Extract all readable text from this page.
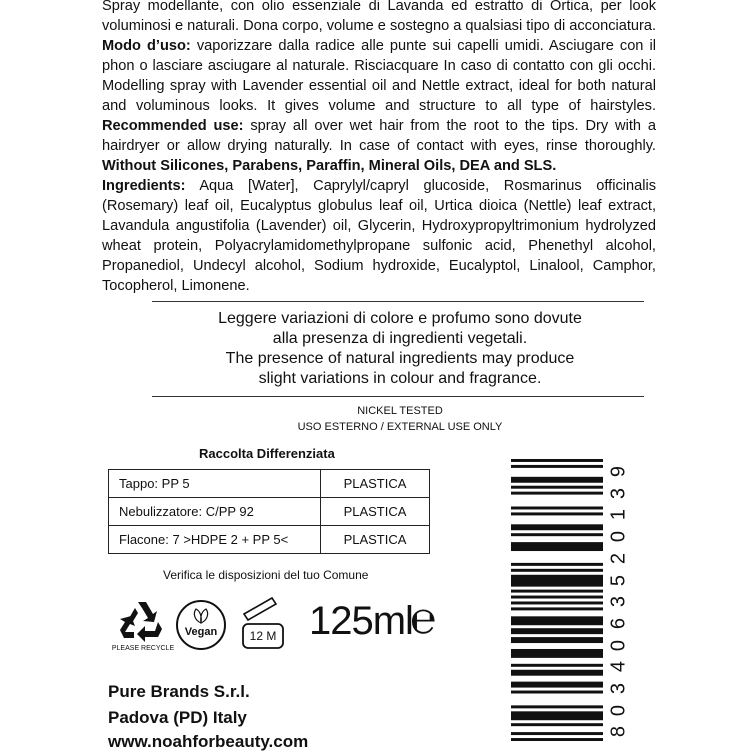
Spray modellante, con olio essenziale di Lavanda ed estratto di Ortica, per look
voluminosi e naturali. Dona corpo, volume e sostegno a qualsiasi tipo di acconciatura.
Modo d’uso: vaporizzare dalla radice alle punte sui capelli umidi. Asciugare con il
phon o lasciare asciugare al naturale. Risciacquare In caso di contatto con gli occhi.
Modelling spray with Lavender essential oil and Nettle extract, ideal for both natural
and voluminous looks. It gives volume and structure to all type of hairstyles.
Recommended use: spray all over wet hair from the root to the tips. Dry with a
hairdryer or allow drying naturally. In case of contact with eyes, rinse thoroughly.
Without Silicones, Parabens, Paraffin, Mineral Oils, DEA and SLS.
Ingredients: Aqua [Water], Caprylyl/capryl glucoside, Rosmarinus officinalis
(Rosemary) leaf oil, Eucalyptus globulus leaf oil, Urtica dioica (Nettle) leaf extract,
Lavandula angustifolia (Lavender) oil, Glycerin, Hydroxypropyltrimonium hydrolyzed
wheat protein, Polyacrylamidomethylpropane sulfonic acid, Phenethyl alcohol,
Propanediol, Undecyl alcohol, Sodium hydroxide, Eucalyptol, Linalool, Camphor,
Tocopherol, Limonene.
Leggere variazioni di colore e profumo sono dovute
alla presenza di ingredienti vegetali.
The presence of natural ingredients may produce
slight variations in colour and fragrance.
NICKEL TESTED
USO ESTERNO / EXTERNAL USE ONLY
Raccolta Differenziata
Tappo: PP 5	PLASTICA
Nebulizzatore: C/PP 92	PLASTICA
Flacone: 7 >HDPE 2 + PP 5<	PLASTICA
Verifica le disposizioni del tuo Comune
PLEASE RECYCLE
Vegan	12 M 125ml
℮
Pure Brands S.r.l.
Padova (PD) Italy
www.noahforbeauty.com
9
3
1
0
2
5
3
6
0
4
3
0
8
